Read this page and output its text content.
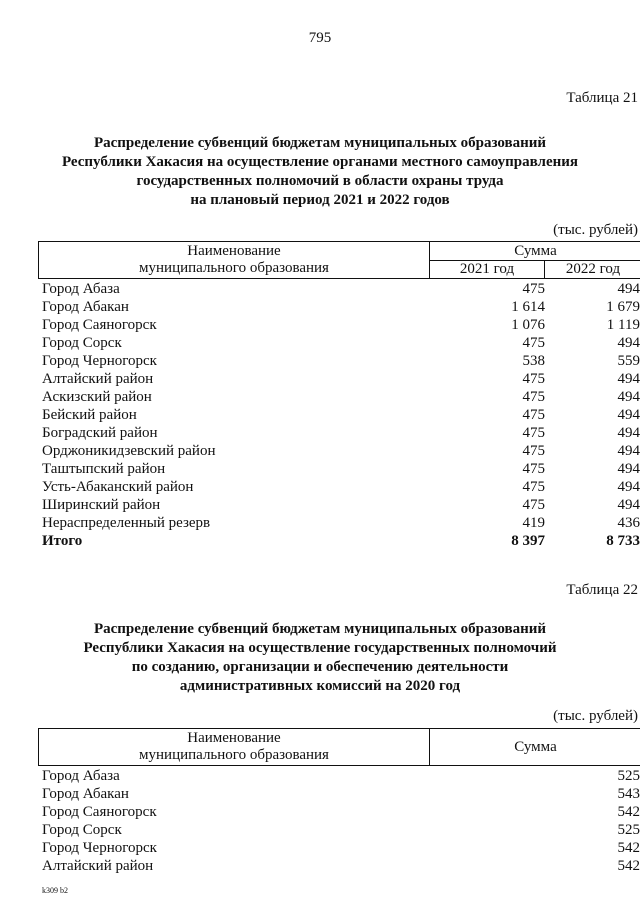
795
Таблица 21
Распределение субвенций бюджетам муниципальных образований
Республики Хакасия на осуществление органами местного самоуправления
государственных полномочий в области охраны труда
на плановый период 2021 и 2022 годов
(тыс. рублей)
Наименование
муниципального образования
Сумма
2021 год	2022 год
Город Абаза	475	494
Город Абакан	1 614	1 679
Город Саяногорск	1 076	1 119
Город Сорск	475	494
Город Черногорск	538	559
Алтайский район	475	494
Аскизский район	475	494
Бейский район	475	494
Боградский район	475	494
Орджоникидзевский район	475	494
Таштыпский район	475	494
Усть-Абаканский район	475	494
Ширинский район	475	494
Нераспределенный резерв	419	436
Итого	8 397	8 733
Таблица 22
Распределение субвенций бюджетам муниципальных образований
Республики Хакасия на осуществление государственных полномочий
по созданию, организации и обеспечению деятельности
административных комиссий на 2020 год
(тыс. рублей)
Наименование
муниципального образования	Сумма
Город Абаза	525
Город Абакан	543
Город Саяногорск	542
Город Сорск	525
Город Черногорск	542
Алтайский район	542
k309 b2
